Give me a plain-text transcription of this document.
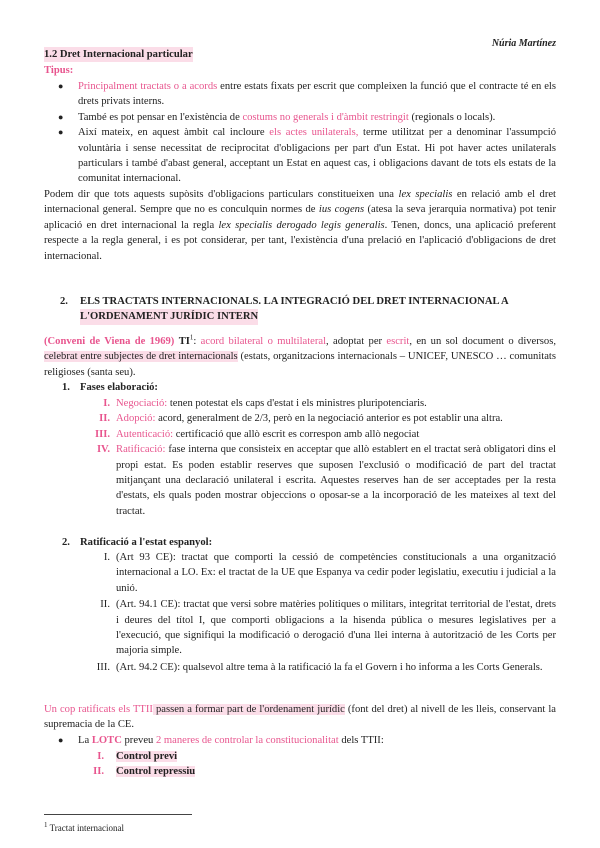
Núria Martínez
1.2 Dret Internacional particular
Tipus:
● Principalment tractats o a acords entre estats fixats per escrit que compleixen la funció que el contracte té en els drets privats interns.
● També es pot pensar en l'existència de costums no generals i d'àmbit restringit (regionals o locals).
● Així mateix, en aquest àmbit cal incloure els actes unilaterals, terme utilitzat per a denominar l'assumpció voluntària i sense necessitat de reciprocitat d'obligacions per part d'un Estat. Hi pot haver actes unilaterals particulars i també d'abast general, acceptant un Estat en aquest cas, i obligacions davant de tots els estats de la comunitat internacional.
Podem dir que tots aquests supòsits d'obligacions particulars constitueixen una lex specialis en relació amb el dret internacional general. Sempre que no es conculquin normes de ius cogens (atesa la seva jerarquia normativa) pot tenir aplicació en dret internacional la regla lex specialis derogado legis generalis. Tenen, doncs, una aplicació preferent respecte a la regla general, i es pot considerar, per tant, l'existència d'una prelació en l'aplicació d'obligacions de dret internacional.
2. ELS TRACTATS INTERNACIONALS. LA INTEGRACIÓ DEL DRET INTERNACIONAL A
L'ORDENAMENT JURÍDIC INTERN
(Conveni de Viena de 1969) $TI^1$: acord bilateral o multilateral, adoptat per escrit, en un sol document o diversos, celebrat entre subjectes de dret internacionals (estats, organitzacions internacionals – UNICEF, UNESCO … comunitats religioses (santa seu).
1. Fases elaboració:
I. Negociació: tenen potestat els caps d'estat i els ministres pluripotenciaris.
II. Adopció: acord, generalment de 2/3, però en la negociació anterior es pot establir una altra.
III. Autenticació: certificació que allò escrit es correspon amb allò negociat
IV. Ratificació: fase interna que consisteix en acceptar que allò establert en el tractat serà obligatori dins el propi estat. Es poden establir reserves que suposen l'exclusió o modificació de part del tractat mitjançant una declaració unilateral i escrita. Aquestes reserves han de ser acceptades per la resta d'estats, els quals poden mostrar objeccions o oposar-se a la incorporació de les mateixes al text del tractat.
2. Ratificació a l'estat espanyol:
I. (Art 93 CE): tractat que comporti la cessió de competències constitucionals a una organització internacional a LO. Ex: el tractat de la UE que Espanya va cedir poder legislatiu, executiu i judicial a la unió.
II. (Art. 94.1 CE): tractat que versi sobre matèries polítiques o militars, integritat territorial de l'estat, drets i deures del títol I, que comporti obligacions a la hisenda pública o mesures legislatives per a l'execució, que signifiqui la modificació o derogació d'una llei interna à autorització de les Corts per majoria simple.
III. (Art. 94.2 CE): qualsevol altre tema à la ratificació la fa el Govern i ho informa a les Corts Generals.
Un cop ratificats els TTII passen a formar part de l'ordenament jurídic (font del dret) al nivell de les lleis, conservant la supremacia de la CE.
● La LOTC preveu 2 maneres de controlar la constitucionalitat dels TTII:
I. Control previ
II. Control repressiu
$^1$ Tractat internacional
